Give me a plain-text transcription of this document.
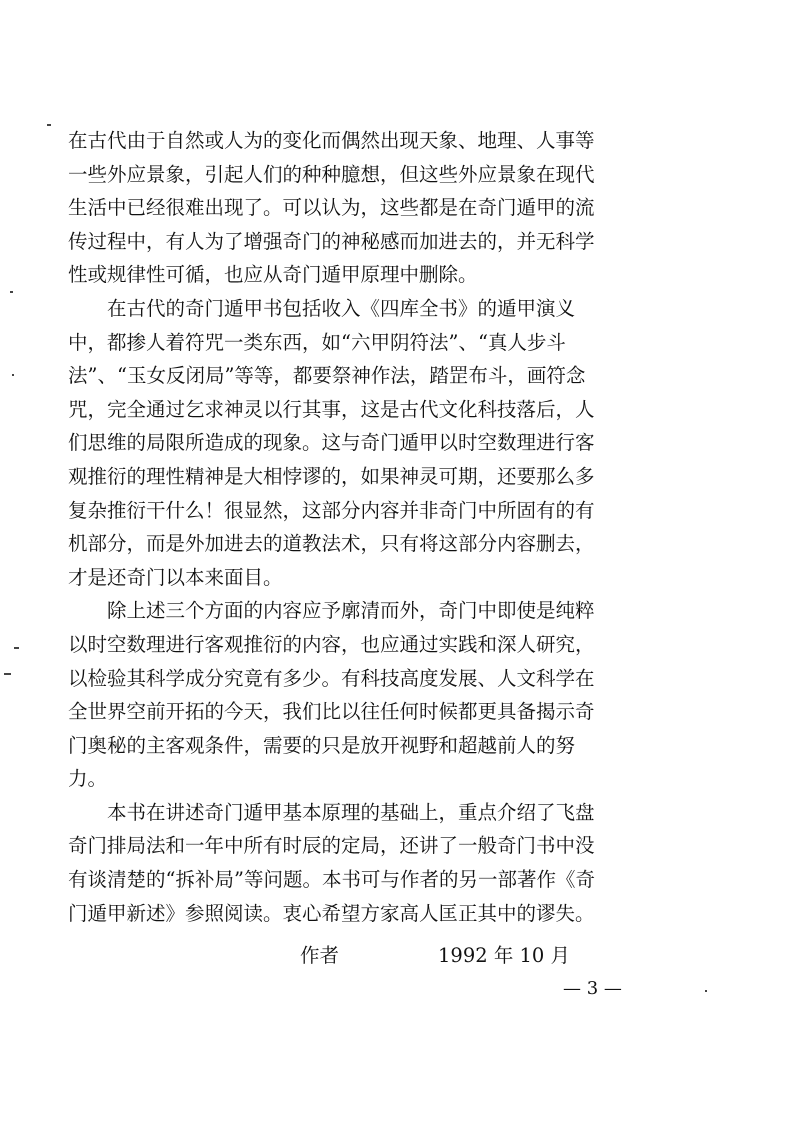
在古代由于自然或人为的变化而偶然出现天象、地理、人事等
一些外应景象，引起人们的种种臆想，但这些外应景象在现代
生活中已经很难出现了。可以认为，这些都是在奇门遁甲的流
传过程中，有人为了增强奇门的神秘感而加进去的，并无科学
性或规律性可循，也应从奇门遁甲原理中删除。

在古代的奇门遁甲书包括收入《四库全书》的遁甲演义
中，都掺人着符咒一类东西，如“六甲阴符法”、“真人步斗
法”、“玉女反闭局”等等，都要祭神作法，踏罡布斗，画符念
咒，完全通过乞求神灵以行其事，这是古代文化科技落后，人
们思维的局限所造成的现象。这与奇门遁甲以时空数理进行客
观推衍的理性精神是大相悖谬的，如果神灵可期，还要那么多
复杂推衍干什么！很显然，这部分内容并非奇门中所固有的有
机部分，而是外加进去的道教法术，只有将这部分内容删去，
才是还奇门以本来面目。

除上述三个方面的内容应予廓清而外，奇门中即使是纯粹
以时空数理进行客观推衍的内容，也应通过实践和深人研究，
以检验其科学成分究竟有多少。有科技高度发展、人文科学在
全世界空前开拓的今天，我们比以往任何时候都更具备揭示奇
门奥秘的主客观条件，需要的只是放开视野和超越前人的努
力。

本书在讲述奇门遁甲基本原理的基础上，重点介绍了飞盘
奇门排局法和一年中所有时辰的定局，还讲了一般奇门书中没
有谈清楚的“拆补局”等问题。本书可与作者的另一部著作《奇
门遁甲新述》参照阅读。衷心希望方家高人匡正其中的谬失。

作者	1992 年 10 月
— 3 —
